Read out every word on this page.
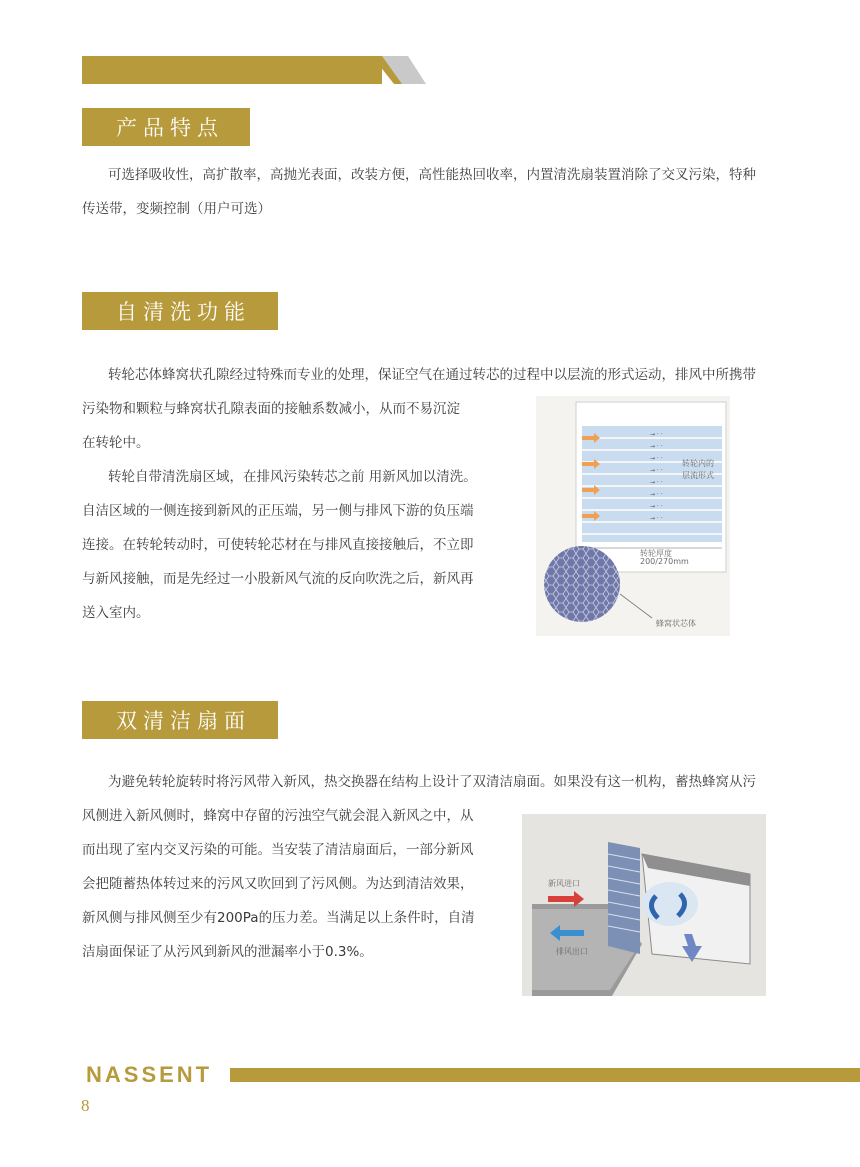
产品特点

可选择吸收性，高扩散率，高抛光表面，改装方便，高性能热回收率，内置清洗扇装置消除了交叉污染，特种

传送带，变频控制（用户可选）

自清洗功能

转轮芯体蜂窝状孔隙经过特殊而专业的处理，保证空气在通过转芯的过程中以层流的形式运动，排风中所携带

污染物和颗粒与蜂窝状孔隙表面的接触系数减小，从而不易沉淀

在转轮中。

转轮自带清洗扇区域，在排风污染转芯之前 用新风加以清洗。

自洁区域的一侧连接到新风的正压端，另一侧与排风下游的负压端

连接。在转轮转动时，可使转轮芯材在与排风直接接触后，不立即

与新风接触，而是先经过一小股新风气流的反向吹洗之后，新风再

送入室内。

→ · ·
→ · ·
→ · ·
→ · ·
→ · ·
→ · ·
→ · ·
→ · ·
转轮内的
层流形式
转轮厚度
200/270mm
蜂窝状芯体
双清洁扇面

为避免转轮旋转时将污风带入新风，热交换器在结构上设计了双清洁扇面。如果没有这一机构，蓄热蜂窝从污

风侧进入新风侧时，蜂窝中存留的污浊空气就会混入新风之中，从

而出现了室内交叉污染的可能。当安装了清洁扇面后，一部分新风

会把随蓄热体转过来的污风又吹回到了污风侧。为达到清洁效果，

新风侧与排风侧至少有200Pa的压力差。当满足以上条件时，自清

洁扇面保证了从污风到新风的泄漏率小于0.3%。

新风进口
排风出口
NASSENT
8
